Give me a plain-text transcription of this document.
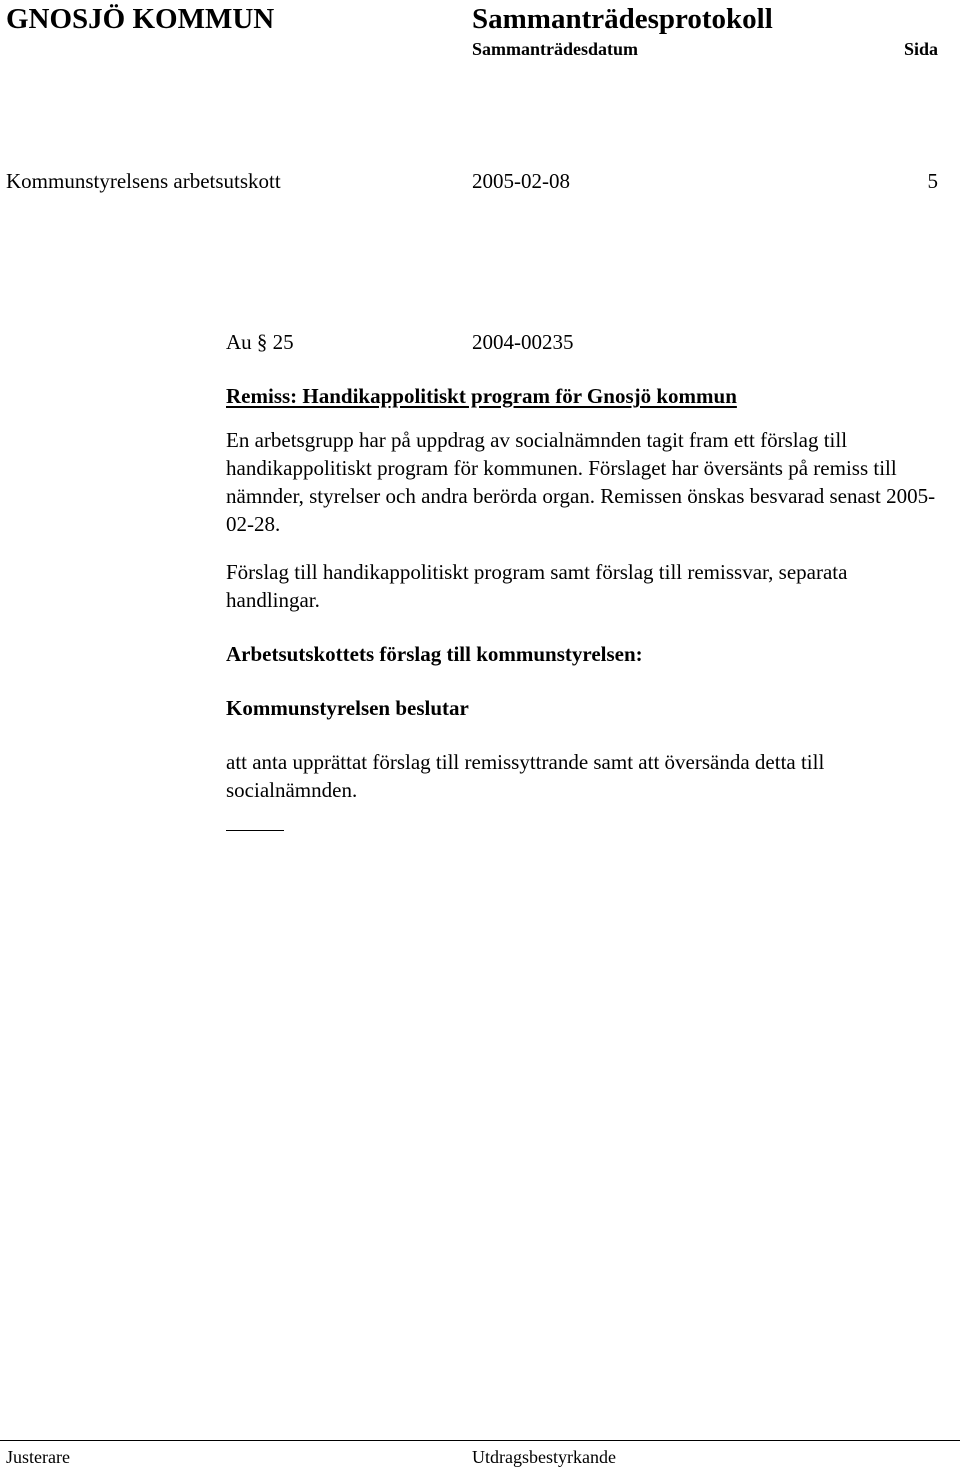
GNOSJÖ KOMMUN	Sammanträdesprotokoll
Sammanträdesdatum	Sida
Kommunstyrelsens arbetsutskott	2005-02-08	5
Au § 25	2004-00235
Remiss: Handikappolitiskt program för Gnosjö kommun

En arbetsgrupp har på uppdrag av socialnämnden tagit fram ett förslag till handikappolitiskt program för kommunen. Förslaget har översänts på remiss till nämnder, styrelser och andra berörda organ. Remissen önskas besvarad senast 2005-02-28.

Förslag till handikappolitiskt program samt förslag till remissvar, separata handlingar.

Arbetsutskottets förslag till kommunstyrelsen:
Kommunstyrelsen beslutar

att anta upprättat förslag till remissyttrande samt att översända detta till socialnämnden.

Justerare	Utdragsbestyrkande
